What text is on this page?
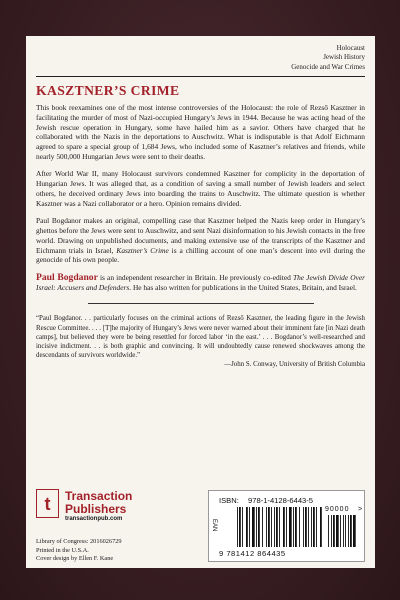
Holocaust
Jewish History
Genocide and War Crimes
KASZTNER’S CRIME

This book reexamines one of the most intense controversies of the Holocaust: the role of Rezső Kasztner in facilitating the murder of most of Nazi-occupied Hungary’s Jews in 1944. Because he was acting head of the Jewish rescue operation in Hungary, some have hailed him as a savior. Others have charged that he collaborated with the Nazis in the deportations to Auschwitz. What is indisputable is that Adolf Eichmann agreed to spare a special group of 1,684 Jews, who included some of Kasztner’s relatives and friends, while nearly 500,000 Hungarian Jews were sent to their deaths.

After World War II, many Holocaust survivors condemned Kasztner for complicity in the deportation of Hungarian Jews. It was alleged that, as a condition of saving a small number of Jewish leaders and select others, he deceived ordinary Jews into boarding the trains to Auschwitz. The ultimate question is whether Kasztner was a Nazi collaborator or a hero. Opinion remains divided.

Paul Bogdanor makes an original, compelling case that Kasztner helped the Nazis keep order in Hungary’s ghettos before the Jews were sent to Auschwitz, and sent Nazi disinformation to his Jewish contacts in the free world. Drawing on unpublished documents, and making extensive use of the transcripts of the Kasztner and Eichmann trials in Israel, Kasztner’s Crime is a chilling account of one man’s descent into evil during the genocide of his own people.

Paul Bogdanor is an independent researcher in Britain. He previously co-edited The Jewish Divide Over Israel: Accusers and Defenders. He has also written for publications in the United States, Britain, and Israel.

“Paul Bogdanor. . . particularly focuses on the criminal actions of Rezső Kasztner, the leading figure in the Jewish Rescue Committee. . . . [T]he majority of Hungary’s Jews were never warned about their imminent fate [in Nazi death camps], but believed they were be being resettled for forced labor ‘in the east.’ . . . Bogdanor’s well-researched and incisive indictment. . . is both graphic and convincing. It will undoubtedly cause renewed shockwaves among the descendants of survivors worldwide.”

—John S. Conway, University of British Columbia

t Transaction
Publishers
transactionpub.com
Library of Congress: 2016026729
Printed in the U.S.A.
Cover design by Ellen F. Kane
ISBN: 978-1-4128-6443-5
EAN
90000 >
9 781412 864435
